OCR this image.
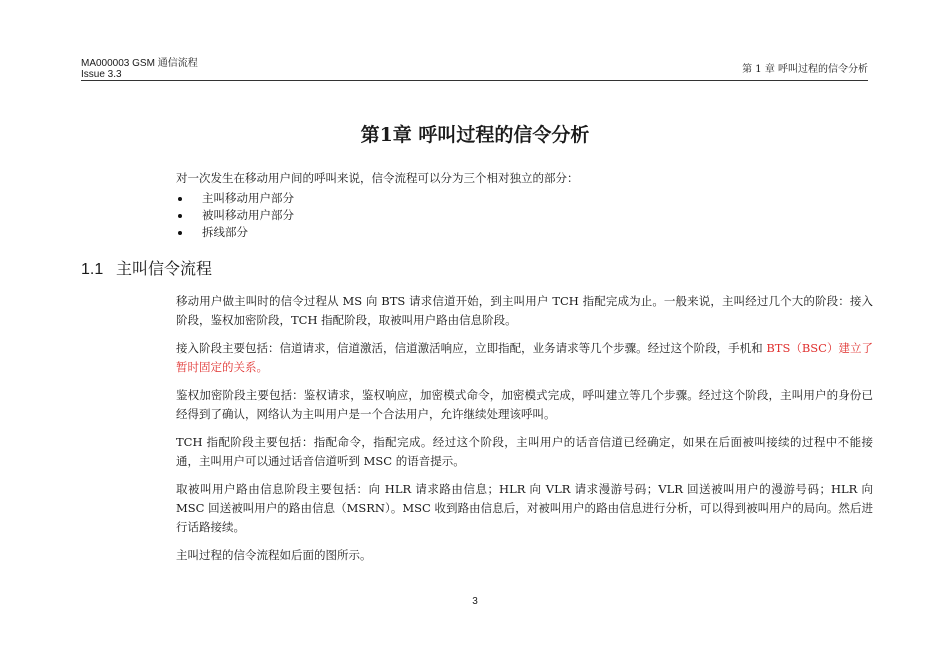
MA000003 GSM 通信流程
Issue 3.3	第 1 章 呼叫过程的信令分析
第1章 呼叫过程的信令分析
对一次发生在移动用户间的呼叫来说，信令流程可以分为三个相对独立的部分：
主叫移动用户部分
被叫移动用户部分
拆线部分
1.1 主叫信令流程

移动用户做主叫时的信令过程从 MS 向 BTS 请求信道开始，到主叫用户 TCH 指配完成为止。一般来说，主叫经过几个大的阶段：接入阶段，鉴权加密阶段，TCH 指配阶段，取被叫用户路由信息阶段。

接入阶段主要包括：信道请求，信道激活，信道激活响应，立即指配，业务请求等几个步骤。经过这个阶段，手机和 BTS（BSC）建立了暂时固定的关系。

鉴权加密阶段主要包括：鉴权请求，鉴权响应，加密模式命令，加密模式完成，呼叫建立等几个步骤。经过这个阶段，主叫用户的身份已经得到了确认，网络认为主叫用户是一个合法用户，允许继续处理该呼叫。

TCH 指配阶段主要包括：指配命令，指配完成。经过这个阶段，主叫用户的话音信道已经确定，如果在后面被叫接续的过程中不能接通，主叫用户可以通过话音信道听到 MSC 的语音提示。

取被叫用户路由信息阶段主要包括：向 HLR 请求路由信息；HLR 向 VLR 请求漫游号码；VLR 回送被叫用户的漫游号码；HLR 向 MSC 回送被叫用户的路由信息（MSRN）。MSC 收到路由信息后，对被叫用户的路由信息进行分析，可以得到被叫用户的局向。然后进行话路接续。

主叫过程的信令流程如后面的图所示。

3
